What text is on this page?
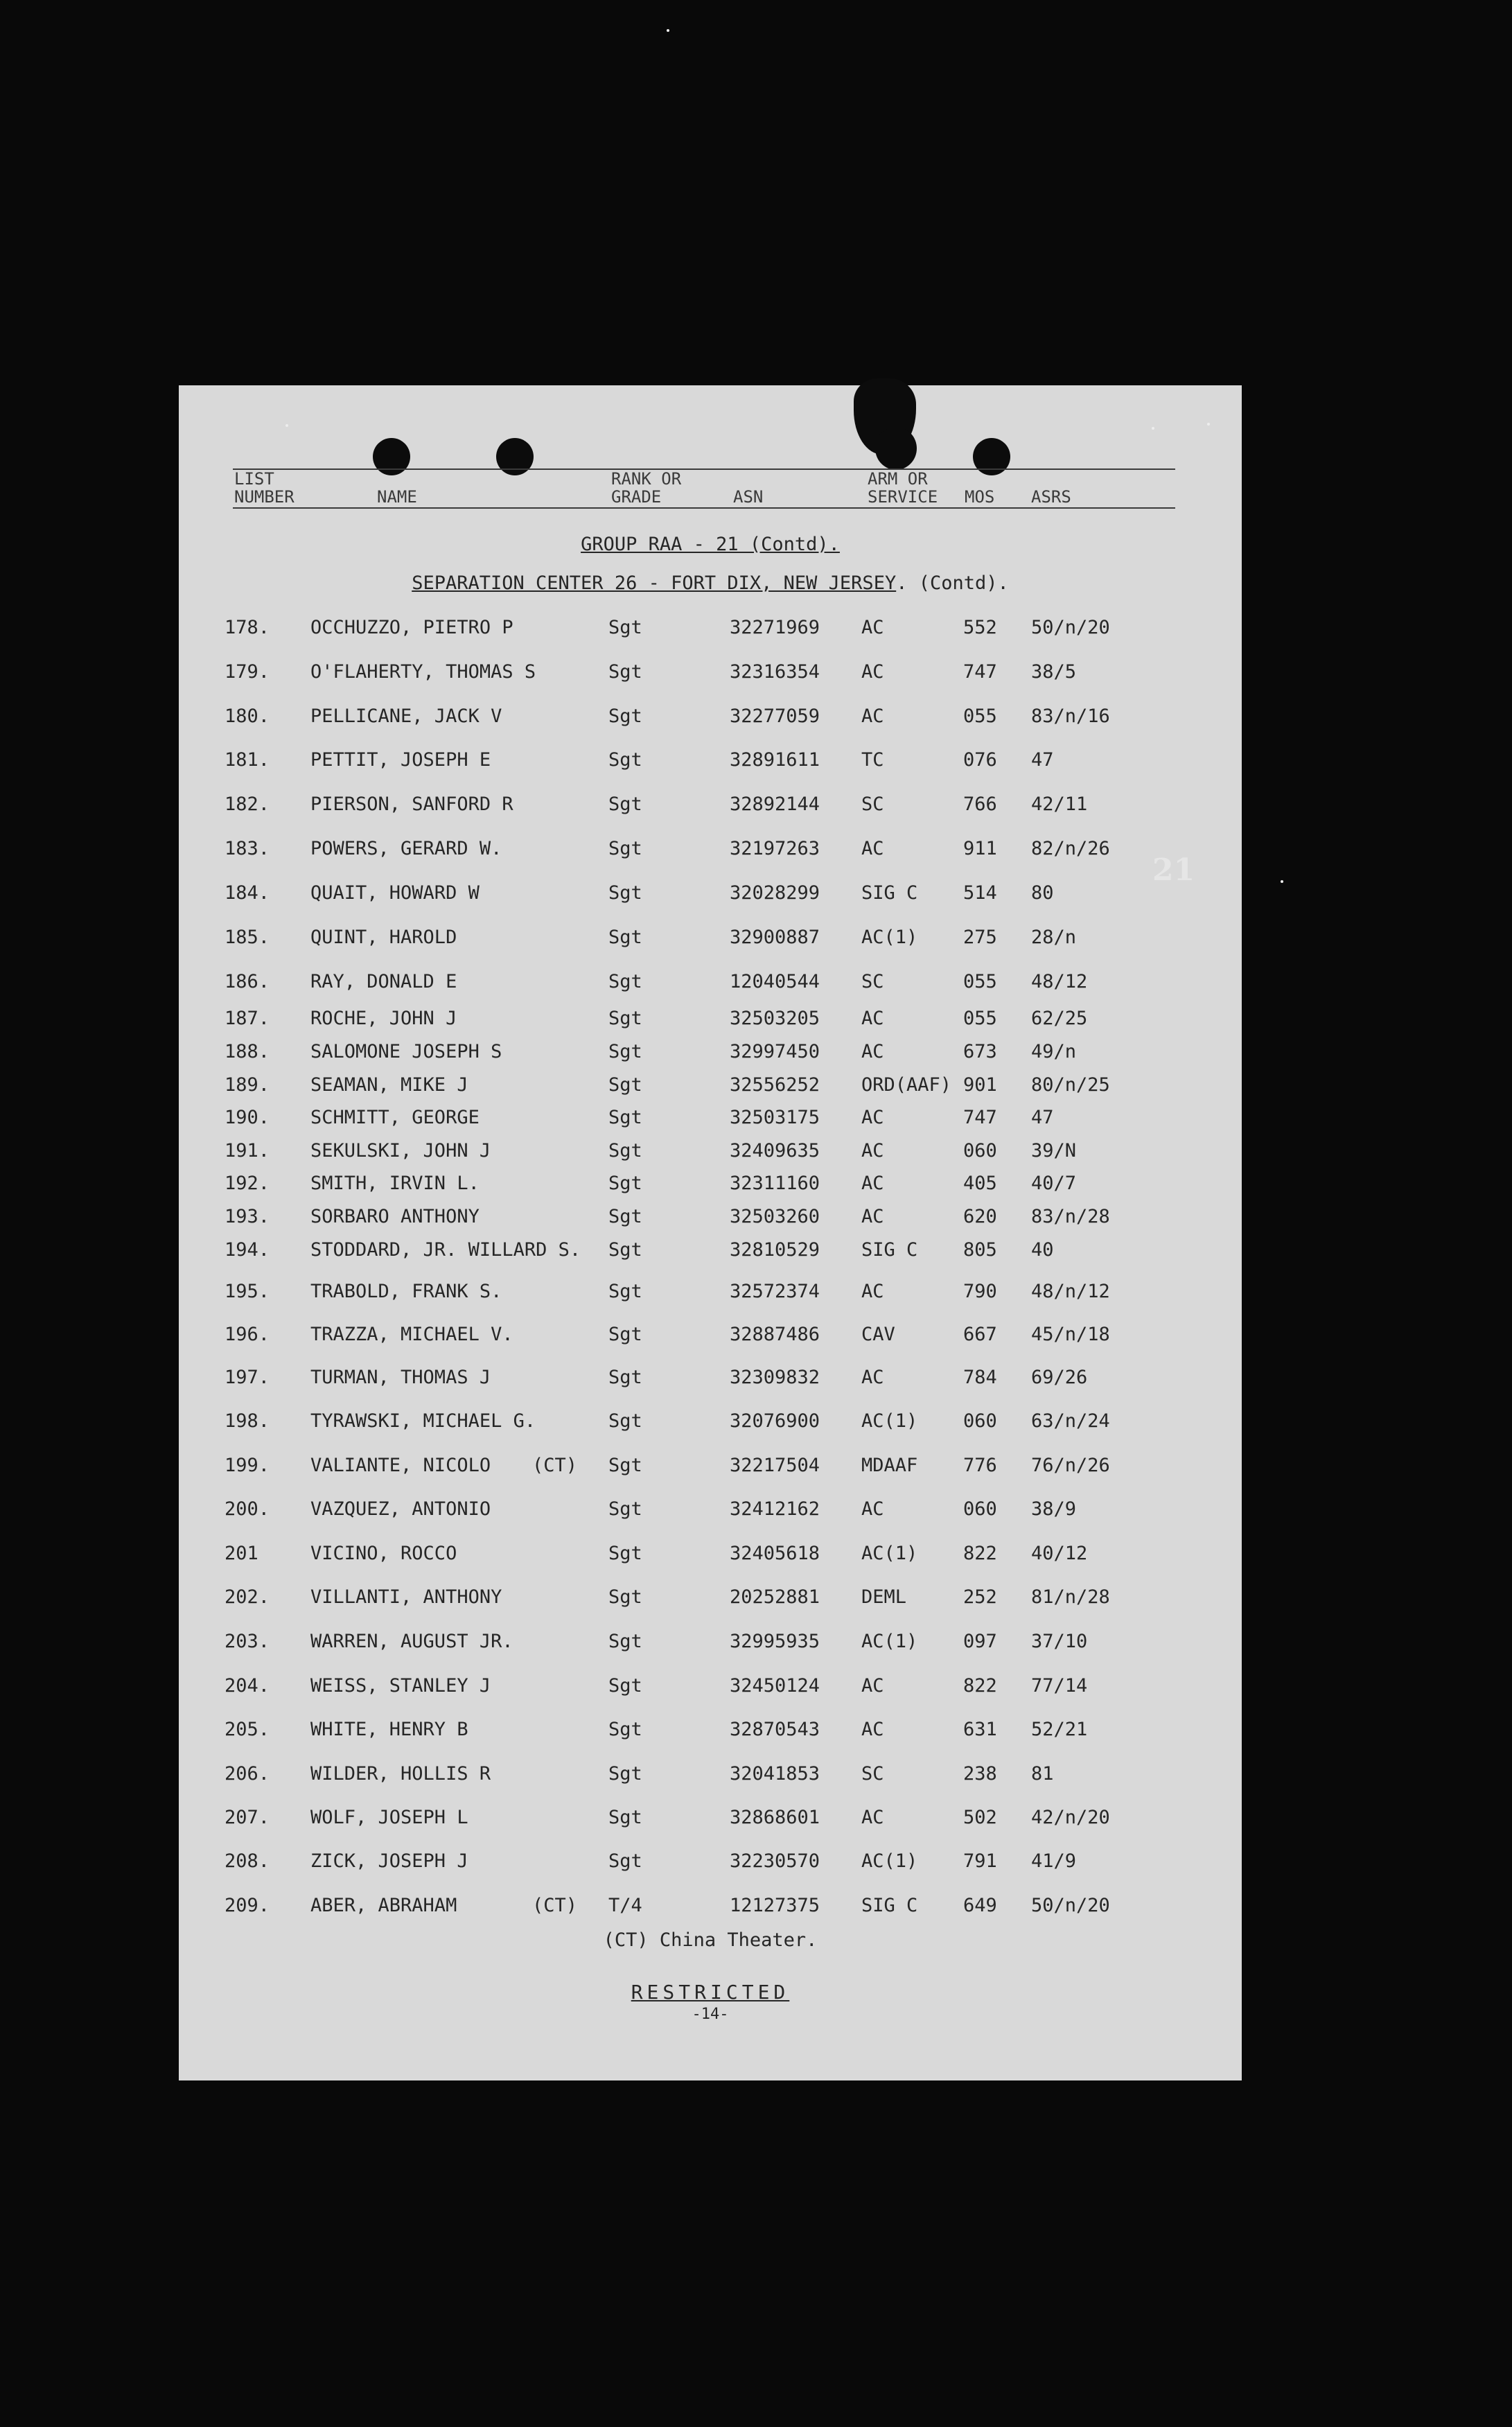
LIST
NUMBER	NAME
RANK OR
GRADE	ASN
ARM OR
SERVICE MOS ASRS
GROUP RAA - 21 (Contd).
SEPARATION CENTER 26 - FORT DIX, NEW JERSEY. (Contd).
178. OCCHUZZO, PIETRO P	Sgt	32271969 AC	552 50/n/20
179. O'FLAHERTY, THOMAS S	Sgt	32316354 AC	747 38/5
180. PELLICANE, JACK V	Sgt	32277059 AC	055 83/n/16
181. PETTIT, JOSEPH E	Sgt	32891611 TC	076 47
182. PIERSON, SANFORD R	Sgt	32892144 SC	766 42/11
183. POWERS, GERARD W.	Sgt	32197263 AC	911 82/n/26
184. QUAIT, HOWARD W	Sgt	32028299 SIG C 514 80
185. QUINT, HAROLD	Sgt	32900887 AC(1) 275 28/n
186. RAY, DONALD E	Sgt	12040544 SC	055 48/12
187. ROCHE, JOHN J	Sgt	32503205 AC	055 62/25
188. SALOMONE JOSEPH S	Sgt	32997450 AC	673 49/n
189. SEAMAN, MIKE J	Sgt	32556252 ORD(AAF) 901 80/n/25
190. SCHMITT, GEORGE	Sgt	32503175 AC	747 47
191. SEKULSKI, JOHN J	Sgt	32409635 AC	060 39/N
192. SMITH, IRVIN L.	Sgt	32311160 AC	405 40/7
193. SORBARO ANTHONY	Sgt	32503260 AC	620 83/n/28
194. STODDARD, JR. WILLARD S. Sgt	32810529 SIG C 805 40
195. TRABOLD, FRANK S.	Sgt	32572374 AC	790 48/n/12
196. TRAZZA, MICHAEL V.	Sgt	32887486 CAV	667 45/n/18
197. TURMAN, THOMAS J	Sgt	32309832 AC	784 69/26
198. TYRAWSKI, MICHAEL G.	Sgt	32076900 AC(1) 060 63/n/24
199. VALIANTE, NICOLO (CT) Sgt	32217504 MDAAF 776 76/n/26
200. VAZQUEZ, ANTONIO	Sgt	32412162 AC	060 38/9
201	VICINO, ROCCO	Sgt	32405618 AC(1) 822 40/12
202. VILLANTI, ANTHONY	Sgt	20252881 DEML	252 81/n/28
203. WARREN, AUGUST JR.	Sgt	32995935 AC(1) 097 37/10
204. WEISS, STANLEY J	Sgt	32450124 AC	822 77/14
205. WHITE, HENRY B	Sgt	32870543 AC	631 52/21
206. WILDER, HOLLIS R	Sgt	32041853 SC	238 81
207. WOLF, JOSEPH L	Sgt	32868601 AC	502 42/n/20
208. ZICK, JOSEPH J	Sgt	32230570 AC(1) 791 41/9
209. ABER, ABRAHAM	(CT) T/4	12127375 SIG C 649 50/n/20
(CT) China Theater.
RESTRICTED
-14-
21
